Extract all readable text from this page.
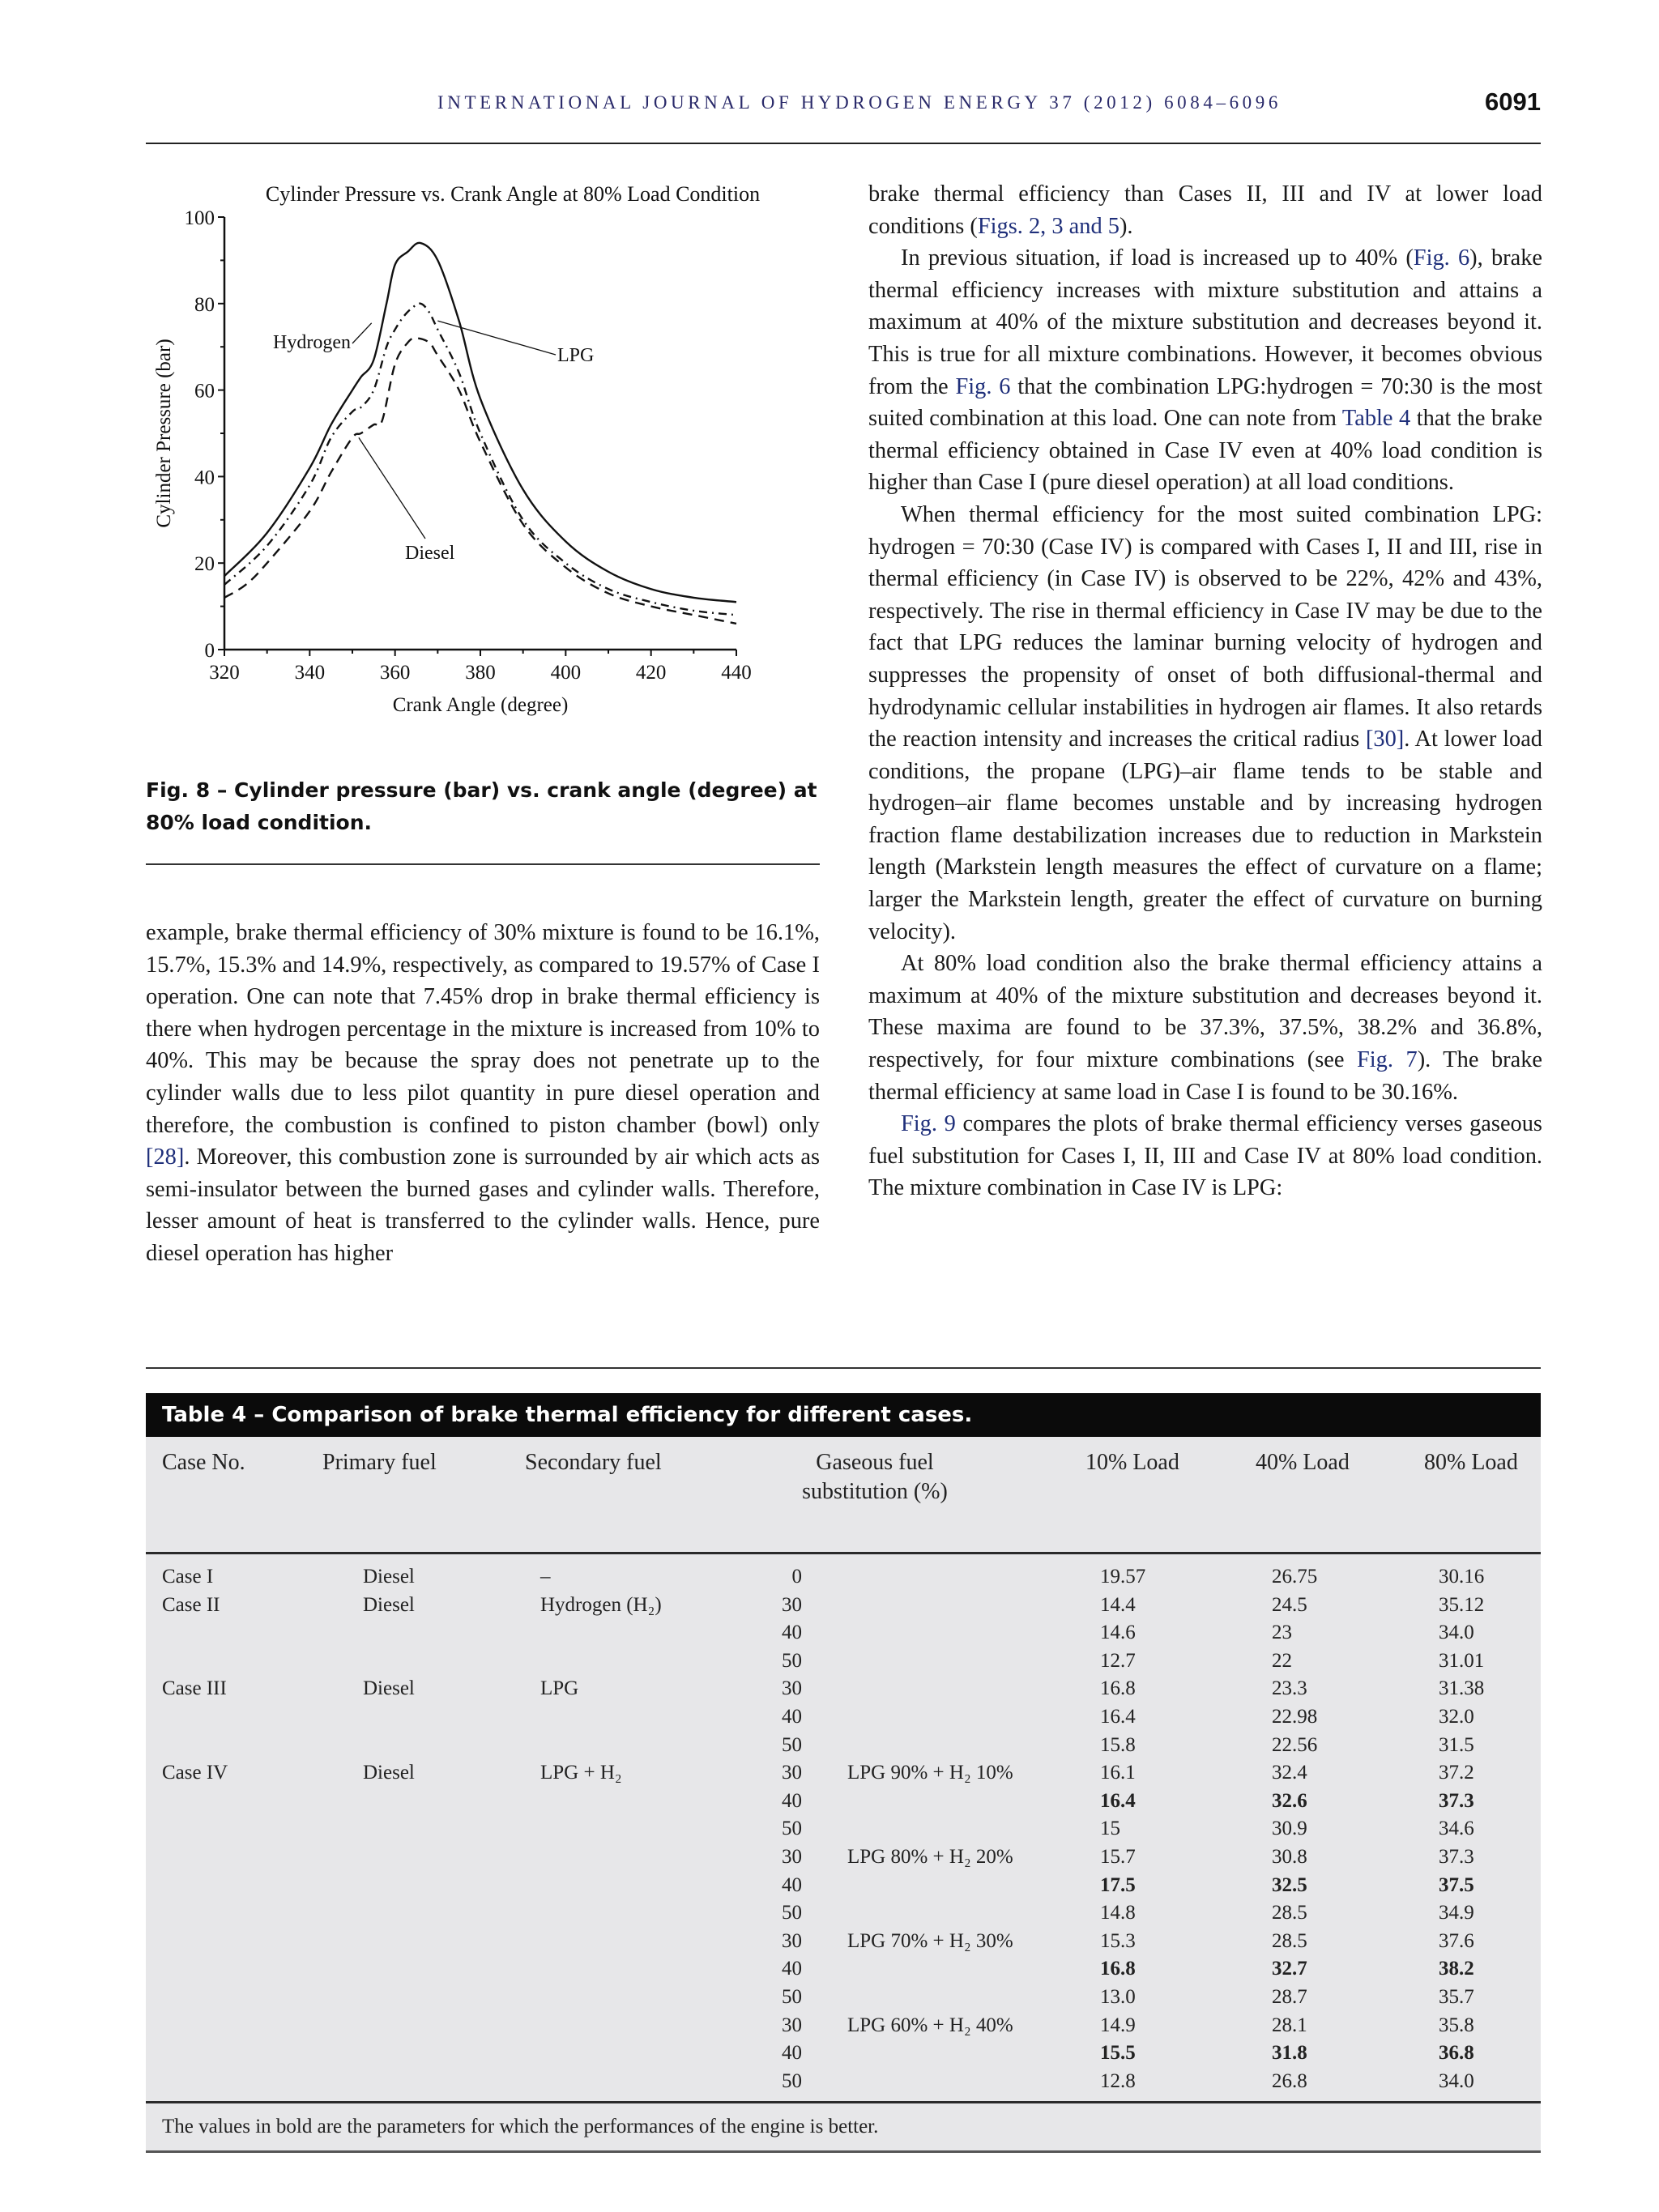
INTERNATIONAL JOURNAL OF HYDROGEN ENERGY 37 (2012) 6084–6096	6091
Cylinder Pressure vs. Crank Angle at 80% Load Condition
0
20
40
60
80
100
320	340	360	380	400	420	440
Crank Angle (degree)
Cylinder Pressure (bar)	Hydrogen
LPG
Diesel
Fig. 8 – Cylinder pressure (bar) vs. crank angle (degree) at 80% load condition.

example, brake thermal efficiency of 30% mixture is found to be 16.1%, 15.7%, 15.3% and 14.9%, respectively, as compared to 19.57% of Case I operation. One can note that 7.45% drop in brake thermal efficiency is there when hydrogen percentage in the mixture is increased from 10% to 40%. This may be because the spray does not penetrate up to the cylinder walls due to less pilot quantity in pure diesel operation and therefore, the combustion is confined to piston chamber (bowl) only [28]. Moreover, this combustion zone is surrounded by air which acts as semi-insulator between the burned gases and cylinder walls. Therefore, lesser amount of heat is transferred to the cylinder walls. Hence, pure diesel operation has higher

brake thermal efficiency than Cases II, III and IV at lower load conditions (Figs. 2, 3 and 5).

In previous situation, if load is increased up to 40% (Fig. 6), brake thermal efficiency increases with mixture substitution and attains a maximum at 40% of the mixture substitution and decreases beyond it. This is true for all mixture combinations. However, it becomes obvious from the Fig. 6 that the combination LPG:hydrogen = 70:30 is the most suited combination at this load. One can note from Table 4 that the brake thermal efficiency obtained in Case IV even at 40% load condition is higher than Case I (pure diesel operation) at all load conditions.

When thermal efficiency for the most suited combination LPG: hydrogen = 70:30 (Case IV) is compared with Cases I, II and III, rise in thermal efficiency (in Case IV) is observed to be 22%, 42% and 43%, respectively. The rise in thermal efficiency in Case IV may be due to the fact that LPG reduces the laminar burning velocity of hydrogen and suppresses the propensity of onset of both diffusional-thermal and hydrodynamic cellular instabilities in hydrogen air flames. It also retards the reaction intensity and increases the critical radius [30]. At lower load conditions, the propane (LPG)–air flame tends to be stable and hydrogen–air flame becomes unstable and by increasing hydrogen fraction flame destabilization increases due to reduction in Markstein length (Markstein length measures the effect of curvature on a flame; larger the Markstein length, greater the effect of curvature on burning velocity).

At 80% load condition also the brake thermal efficiency attains a maximum at 40% of the mixture substitution and decreases beyond it. These maxima are found to be 37.3%, 37.5%, 38.2% and 36.8%, respectively, for four mixture combinations (see Fig. 7). The brake thermal efficiency at same load in Case I is found to be 30.16%.

Fig. 9 compares the plots of brake thermal efficiency verses gaseous fuel substitution for Cases I, II, III and Case IV at 80% load condition. The mixture combination in Case IV is LPG:

Table 4 – Comparison of brake thermal efficiency for different cases.
Case No.	Primary fuel	Secondary fuel	Gaseous fuel
substitution (%)
10% Load	40% Load	80% Load
Case I	Diesel	–	0	19.57	26.75	30.16
Case II	Diesel	Hydrogen (H₂)	30	14.4	24.5	35.12
40	14.6	23	34.0
50	12.7	22	31.01
Case III	Diesel	LPG	30	16.8	23.3	31.38
40	16.4	22.98	32.0
50	15.8	22.56	31.5
Case IV	Diesel	LPG + H₂	30 LPG 90% + H₂ 10%	16.1	32.4	37.2
40	16.4	32.6	37.3
50	15	30.9	34.6
30 LPG 80% + H₂ 20%	15.7	30.8	37.3
40	17.5	32.5	37.5
50	14.8	28.5	34.9
30 LPG 70% + H₂ 30%	15.3	28.5	37.6
40	16.8	32.7	38.2
50	13.0	28.7	35.7
30 LPG 60% + H₂ 40%	14.9	28.1	35.8
40	15.5	31.8	36.8
50	12.8	26.8	34.0
The values in bold are the parameters for which the performances of the engine is better.
